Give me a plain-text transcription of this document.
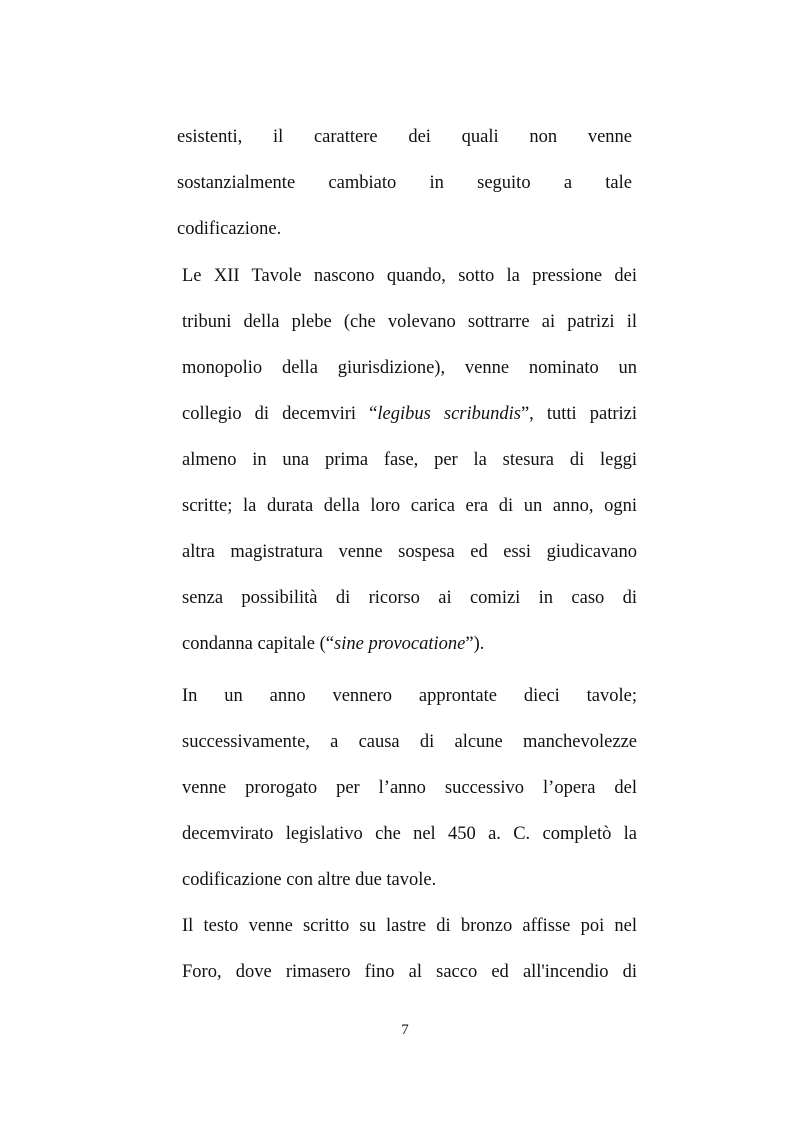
esistenti, il carattere dei quali non venne
sostanzialmente cambiato in seguito a tale
codificazione.
Le XII Tavole nascono quando, sotto la pressione dei
tribuni della plebe (che volevano sottrarre ai patrizi il
monopolio della giurisdizione), venne nominato un
collegio di decemviri “legibus scribundis”, tutti patrizi
almeno in una prima fase, per la stesura di leggi
scritte; la durata della loro carica era di un anno, ogni
altra magistratura venne sospesa ed essi giudicavano
senza possibilità di ricorso ai comizi in caso di
condanna capitale (“sine provocatione”).
In un anno vennero approntate dieci tavole;
successivamente, a causa di alcune manchevolezze
venne prorogato per l’anno successivo l’opera del
decemvirato legislativo che nel 450 a. C. completò la
codificazione con altre due tavole.
Il testo venne scritto su lastre di bronzo affisse poi nel
Foro, dove rimasero fino al sacco ed all'incendio di
7
